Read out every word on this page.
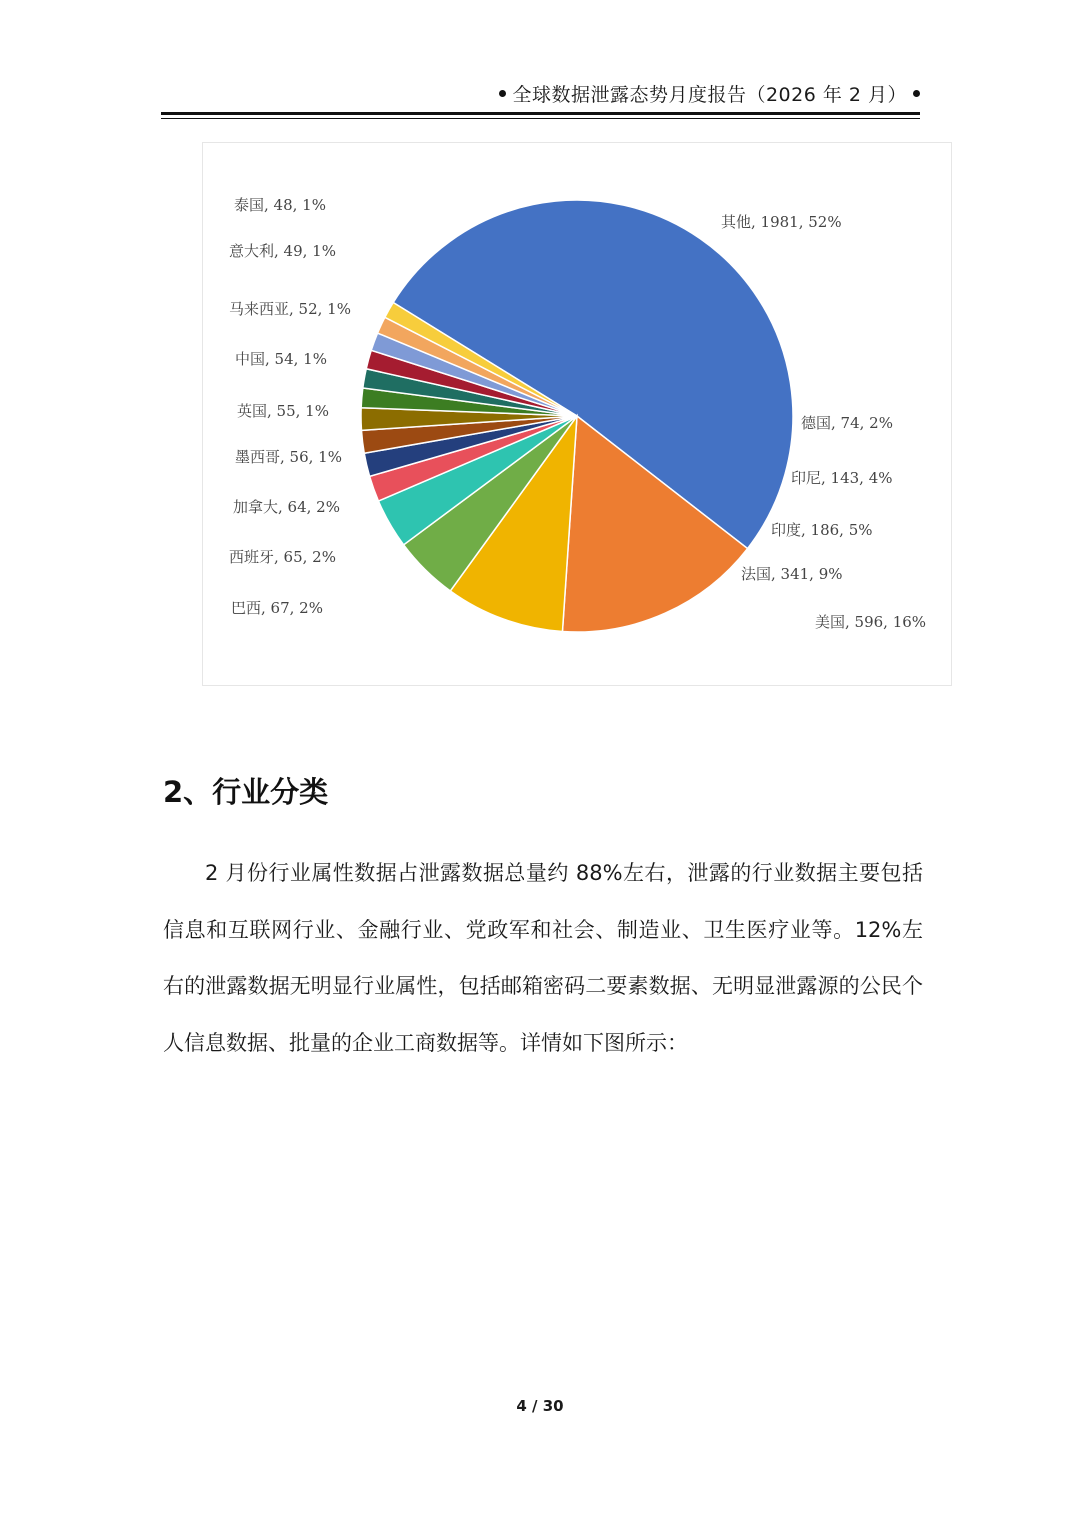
全球数据泄露态势月度报告（2026 年 2 月）
其他, 1981, 52%
美国, 596, 16%
法国, 341, 9%
印度, 186, 5%
印尼, 143, 4%
德国, 74, 2%
巴西, 67, 2%
西班牙, 65, 2%
加拿大, 64, 2%
墨西哥, 56, 1%
英国, 55, 1%
中国, 54, 1%
马来西亚, 52, 1%
意大利, 49, 1%
泰国, 48, 1%
2、行业分类
2 月份行业属性数据占泄露数据总量约 88%左右，泄露的行业数据主要包括信息和互联网行业、金融行业、党政军和社会、制造业、卫生医疗业等。12%左右的泄露数据无明显行业属性，包括邮箱密码二要素数据、无明显泄露源的公民个人信息数据、批量的企业工商数据等。详情如下图所示：
4 / 30
